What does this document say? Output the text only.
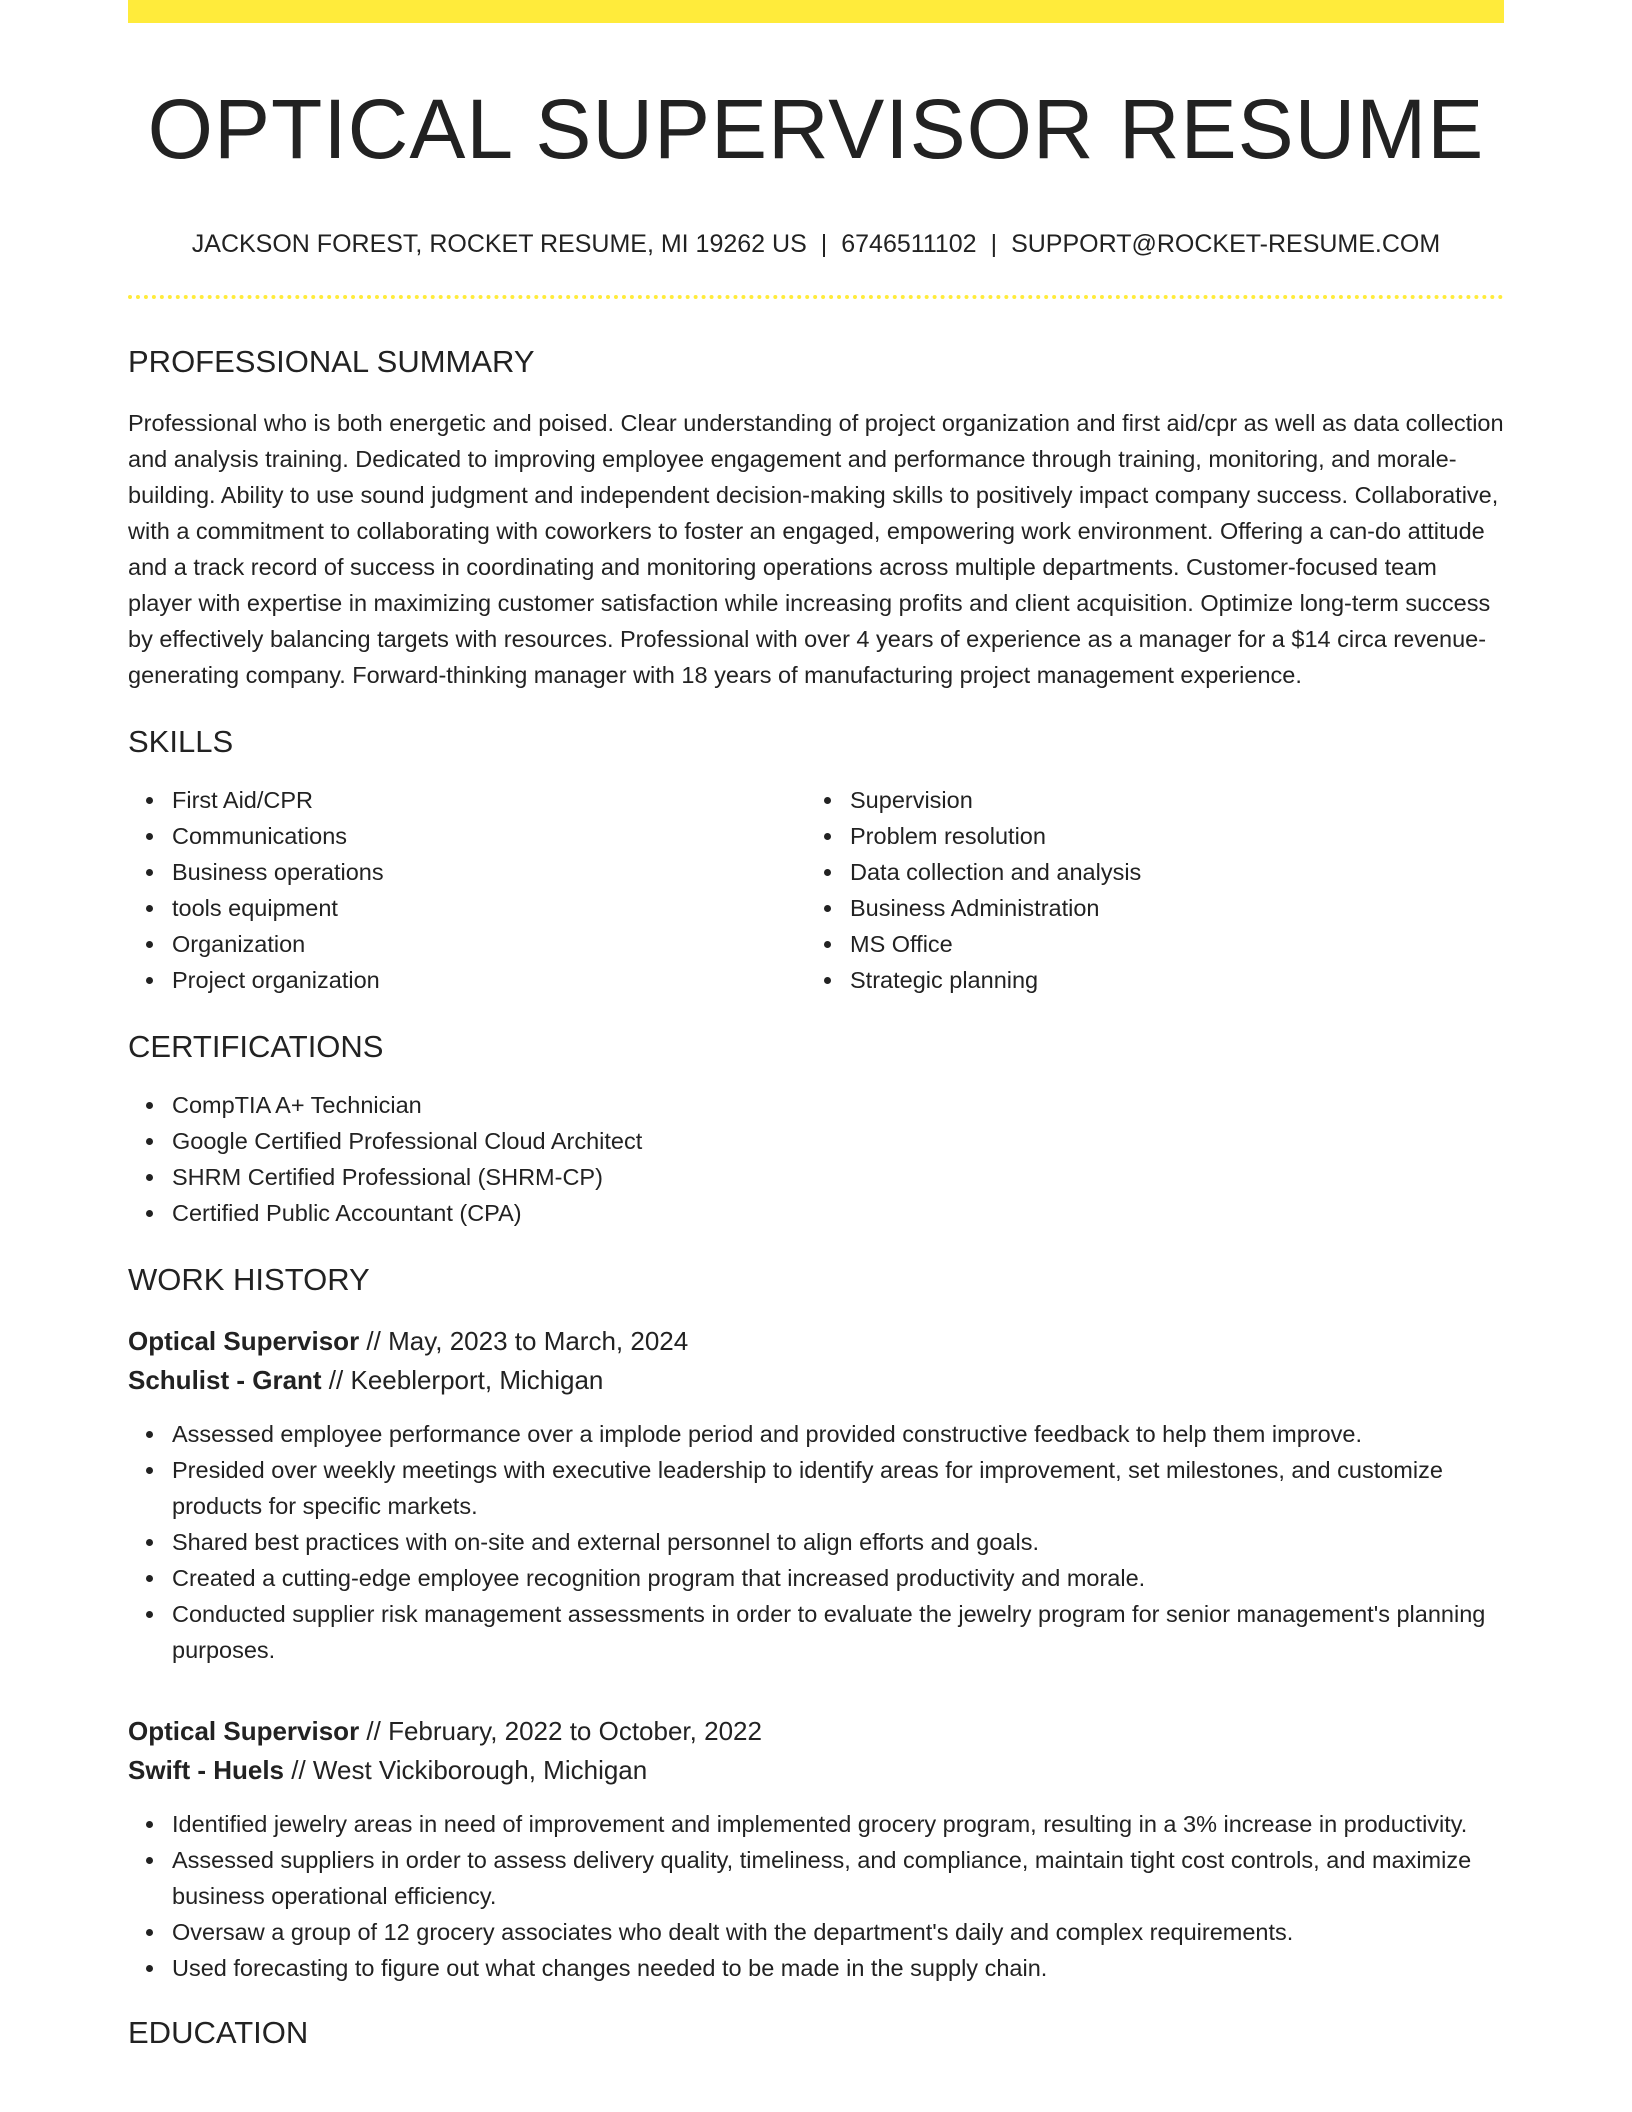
OPTICAL SUPERVISOR RESUME
JACKSON FOREST, ROCKET RESUME, MI 19262 US | 6746511102 | SUPPORT@ROCKET-RESUME.COM
PROFESSIONAL SUMMARY

Professional who is both energetic and poised. Clear understanding of project organization and first aid/cpr as well as data collection and analysis training. Dedicated to improving employee engagement and performance through training, monitoring, and morale-building. Ability to use sound judgment and independent decision-making skills to positively impact company success. Collaborative, with a commitment to collaborating with coworkers to foster an engaged, empowering work environment. Offering a can-do attitude and a track record of success in coordinating and monitoring operations across multiple departments. Customer-focused team player with expertise in maximizing customer satisfaction while increasing profits and client acquisition. Optimize long-term success by effectively balancing targets with resources. Professional with over 4 years of experience as a manager for a $14 circa revenue-generating company. Forward-thinking manager with 18 years of manufacturing project management experience.

SKILLS
First Aid/CPR
Communications
Business operations
tools equipment
Organization
Project organization
Supervision
Problem resolution
Data collection and analysis
Business Administration
MS Office
Strategic planning
CERTIFICATIONS
CompTIA A+ Technician
Google Certified Professional Cloud Architect
SHRM Certified Professional (SHRM-CP)
Certified Public Accountant (CPA)
WORK HISTORY
Optical Supervisor // May, 2023 to March, 2024
Schulist - Grant // Keeblerport, Michigan
Assessed employee performance over a implode period and provided constructive feedback to help them improve.
Presided over weekly meetings with executive leadership to identify areas for improvement, set milestones, and customize products for specific markets.
Shared best practices with on-site and external personnel to align efforts and goals.
Created a cutting-edge employee recognition program that increased productivity and morale.
Conducted supplier risk management assessments in order to evaluate the jewelry program for senior management's planning purposes.
Optical Supervisor // February, 2022 to October, 2022
Swift - Huels // West Vickiborough, Michigan
Identified jewelry areas in need of improvement and implemented grocery program, resulting in a 3% increase in productivity.
Assessed suppliers in order to assess delivery quality, timeliness, and compliance, maintain tight cost controls, and maximize business operational efficiency.
Oversaw a group of 12 grocery associates who dealt with the department's daily and complex requirements.
Used forecasting to figure out what changes needed to be made in the supply chain.
EDUCATION
